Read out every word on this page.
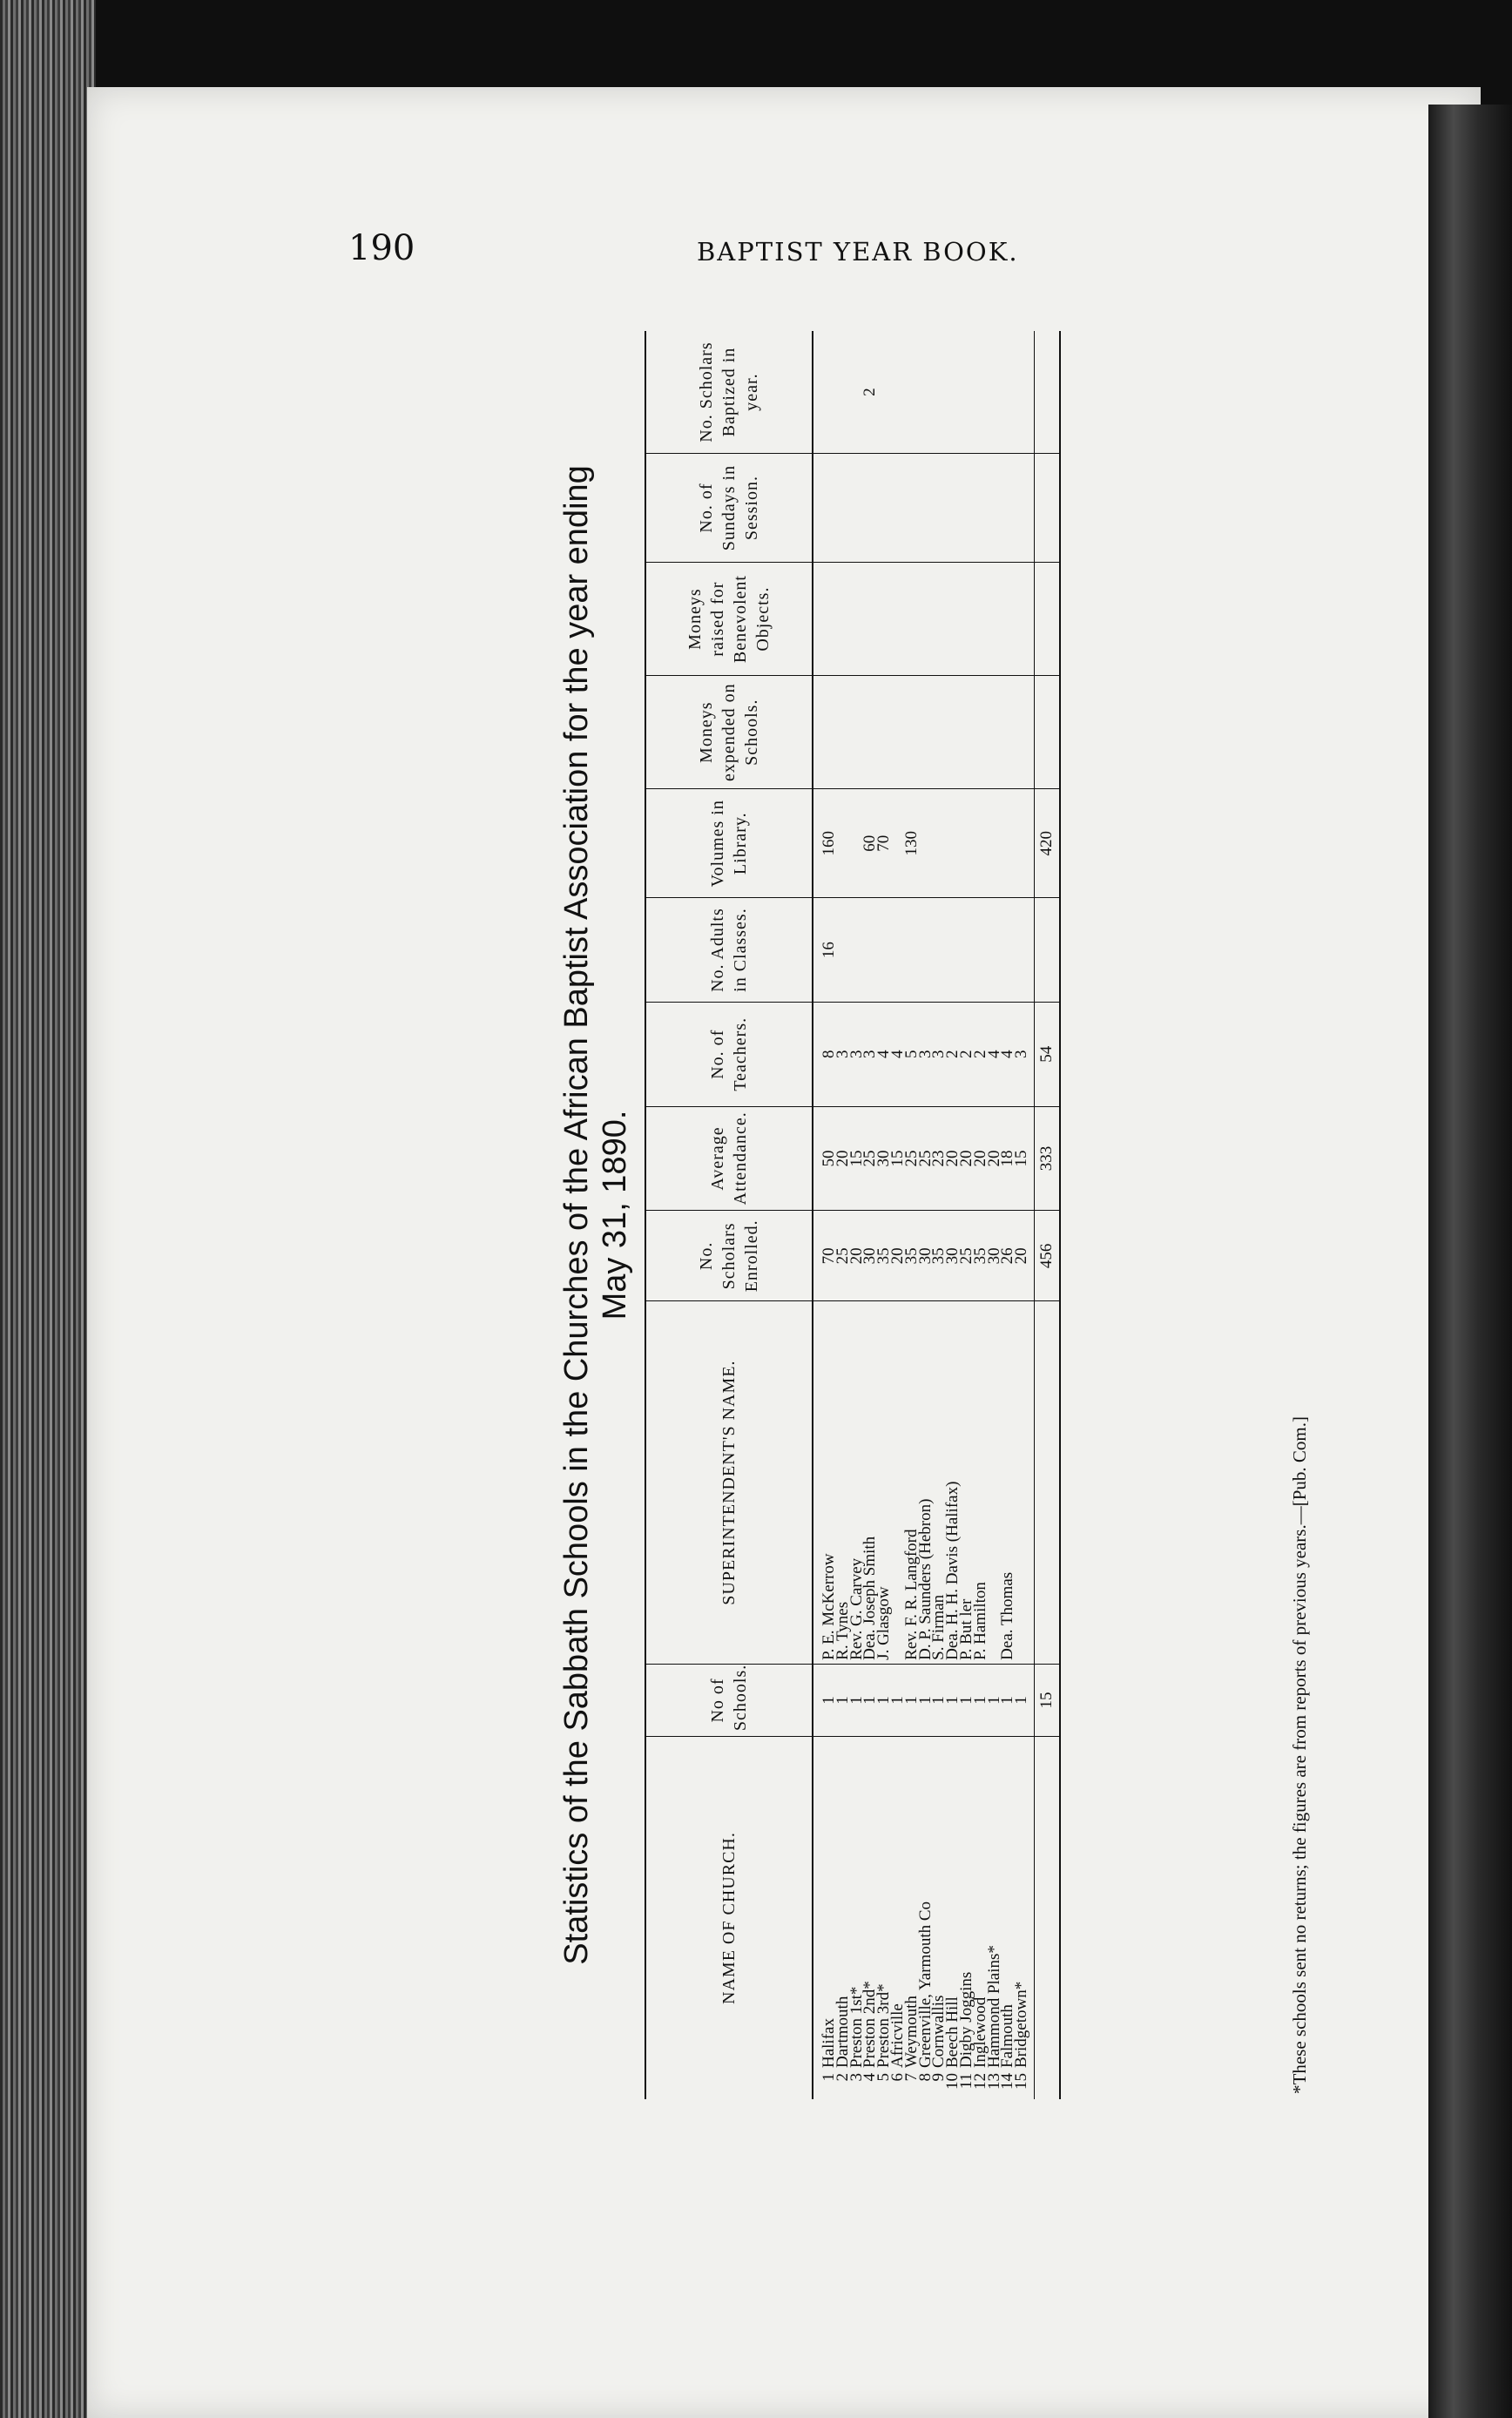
190	BAPTIST YEAR BOOK.
Statistics of the Sabbath Schools in the Churches of the African Baptist Association for the year ending May 31, 1890.
NAME OF CHURCH.	No of Schools.	SUPERINTENDENT'S NAME.	No. Scholars Enrolled.	Average Attendance.	No. of Teachers.	No. Adults in Classes.	Volumes in Library.	Moneys expended on Schools.	Moneys raised for Benevolent Objects.	No. of Sundays in Session.	No. Scholars Baptized in year.
1Halifax	1	P. E. McKerrow	70	50	8	16	160				
2Dartmouth	1	R. Tynes	25	20	3						
3Preston 1st*	1	Rev. G. Carvey	20	15	3						
4Preston 2nd*	1	Dea. Joseph Smith	30	25	3		60				2
5Preston 3rd*	1	J. Glasgow	35	30	4		70				
6Africville	1		20	15	4						
7Weymouth	1	Rev. F. R. Langford	35	25	5		130				
8Greenville, Yarmouth Co	1	D. P. Saunders (Hebron)	30	25	3						
9Cornwallis	1	S. Firman	35	23	3						
10Beech Hill	1	Dea. H. H. Davis (Halifax)	30	20	2						
11Digby Joggins	1	P. But ler	25	20	2						
12Inglewood	1	P. Hamilton	35	20	2						
13Hammond Plains*	1		30	20	4						
14Falmouth	1	Dea. Thomas	26	18	4						
15Bridgetown*	1		20	15	3						
	15		456	333	54		420				
*These schools sent no returns; the figures are from reports of previous years.—[Pub. Com.]
